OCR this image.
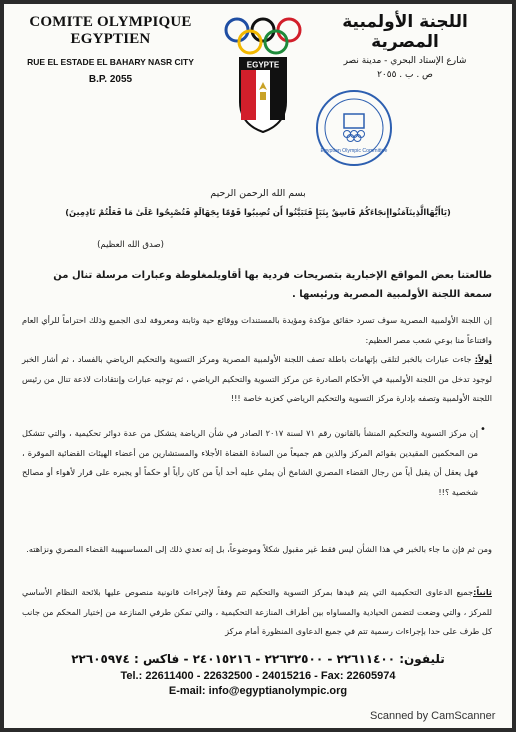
COMITE OLYMPIQUE EGYPTIEN
RUE EL ESTADE EL BAHARY NASR CITY
B.P. 2055
اللجنة الأولمبية المصرية
شارع الإستاد البحري - مدينة نصر
ص . ب . ٢٠٥٥
EGYPTE
Egyptian Olympic Committee
بسم الله الرحمن الرحيم
(يَاأَيُّهَاالَّذِينَآمَنُواإِنجَاءَكُمْ فَاسِقٌ بِنَبَإٍ فَتَبَيَّنُوا أَن تُصِيبُوا قَوْمًا بِجَهَالَةٍ فَتُصْبِحُوا عَلَىٰ مَا فَعَلْتُمْ نَادِمِينَ)
(صدق الله العظيم)
طالعتنا بعض المواقع الإخبارية بتصريحات فردية بها أقاويلمغلوطة وعبارات مرسلة تنال من سمعة اللجنة الأولمبية المصرية ورئيسها .
إن اللجنة الأولمبية المصرية سوف تسرد حقائق مؤكدة ومؤيدة بالمستندات ووقائع حية وثابتة ومعروفة لدى الجميع وذلك احتراماً للرأي العام واقتناعاً منا بوعي شعب مصر العظيم:
أولاً: جاءت عبارات بالخبر لتلقى بإتهامات باطلة تصف اللجنة الأولمبية المصرية ومركز التسوية والتحكيم الرياضي بالفساد ، ثم أشار الخبر لوجود تدخل من اللجنة الأولمبية في الأحكام الصادرة عن مركز التسوية والتحكيم الرياضي ، ثم توجيه عبارات وإنتقادات لاذعة تنال من رئيس اللجنة الأولمبية وتصفه بإدارة مركز التسوية والتحكيم الرياضي كعزبة خاصة !!!
إن مركز التسوية والتحكيم المنشأ بالقانون رقم ٧١ لسنة ٢٠١٧ الصادر في شأن الرياضة يتشكل من عدة دوائر تحكيمية ، والتي تتشكل من المحكمين المقيدين بقوائم المركز والذين هم جميعاً من السادة القضاة الأجلاء والمستشارين من أعضاء الهيئات القضائية الموقرة ، فهل يعقل أن يقبل أياً من رجال القضاء المصري الشامخ أن يملي عليه أحد أياً من كان رأياً أو حكماً أو يجبره على قرار لأهواء أو مصالح شخصية ؟!!
•
ومن ثم فإن ما جاء بالخبر في هذا الشأن ليس فقط غير مقبول شكلاً وموضوعاً، بل إنه تعدي ذلك إلى المساسبهيبة القضاء المصري ونزاهته.
ثانياً:جميع الدعاوى التحكيمية التي يتم قيدها بمركز التسوية والتحكيم تتم وفقاً لإجراءات قانونية منصوص عليها بلائحة النظام الأساسي للمركز ، والتي وضعت لتضمن الحيادية والمساواه بين أطراف المنازعة التحكيمية ، والتي تمكن طرفي المنازعة من إختيار المحكم من جانب كل طرف على حدا بإجراءات رسمية تتم في جميع الدعاوى المنظورة أمام مركز
تليفون: ٢٢٦١١٤٠٠ - ٢٢٦٣٢٥٠٠ - ٢٤٠١٥٢١٦ - فاكس : ٢٢٦٠٥٩٧٤
Tel.: 22611400 - 22632500 - 24015216 - Fax: 22605974
E-mail: info@egyptianolympic.org
Scanned by CamScanner
